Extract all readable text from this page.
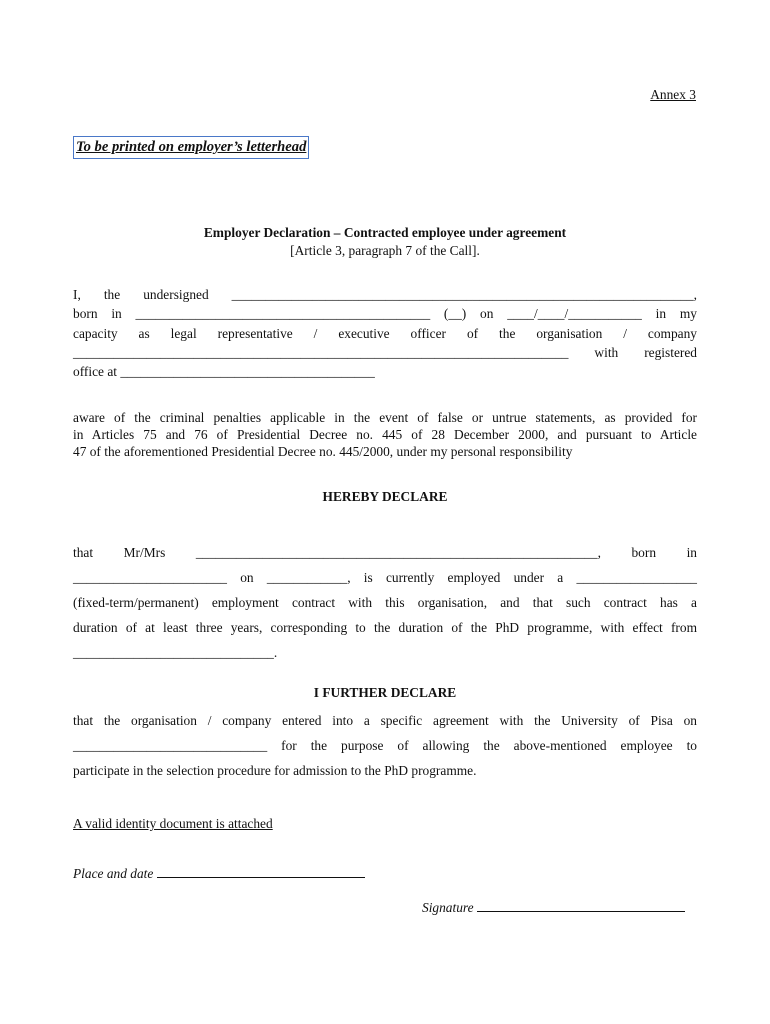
Annex 3
To be printed on employer’s letterhead
Employer Declaration – Contracted employee under agreement
[Article 3, paragraph 7 of the Call].
I, the undersigned _____________________________________________________________________,
born in ____________________________________________ (__) on ____/____/___________ in my
capacity as legal representative / executive officer of the organisation / company
__________________________________________________________________________ with registered
office at ______________________________________
aware of the criminal penalties applicable in the event of false or untrue statements, as provided for
in Articles 75 and 76 of Presidential Decree no. 445 of 28 December 2000, and pursuant to Article
47 of the aforementioned Presidential Decree no. 445/2000, under my personal responsibility
HEREBY DECLARE
that Mr/Mrs ____________________________________________________________, born in
_______________________ on ____________, is currently employed under a __________________
(fixed-term/permanent) employment contract with this organisation, and that such contract has a
duration of at least three years, corresponding to the duration of the PhD programme, with effect from
______________________________.
I FURTHER DECLARE
that the organisation / company entered into a specific agreement with the University of Pisa on
_____________________________ for the purpose of allowing the above-mentioned employee to
participate in the selection procedure for admission to the PhD programme.
A valid identity document is attached
Place and date
Signature
